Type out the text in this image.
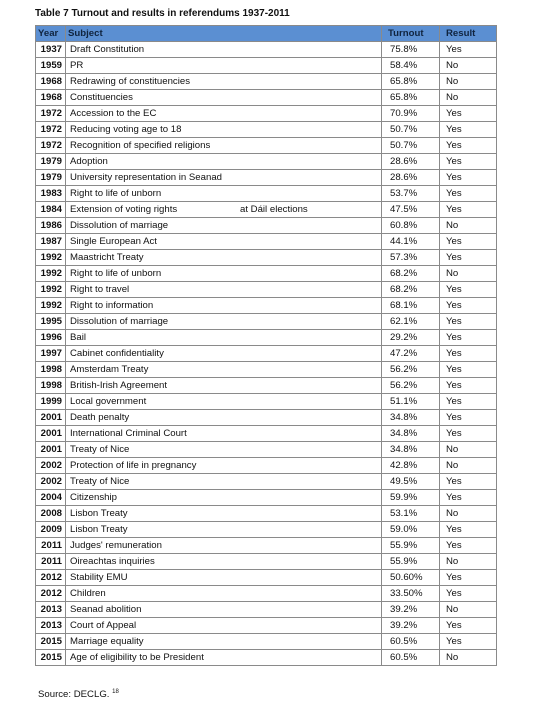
Table 7 Turnout and results in referendums 1937-2011
Year	Subject	Turnout	Result
1937	Draft Constitution	75.8%	Yes
1959	PR	58.4%	No
1968	Redrawing of constituencies	65.8%	No
1968	Constituencies	65.8%	No
1972	Accession to the EC	70.9%	Yes
1972	Reducing voting age to 18	50.7%	Yes
1972	Recognition of specified religions	50.7%	Yes
1979	Adoption	28.6%	Yes
1979	University representation in Seanad	28.6%	Yes
1983	Right to life of unborn	53.7%	Yes
1984	Extension of voting rights at Dáil elections	47.5%	Yes
1986	Dissolution of marriage	60.8%	No
1987	Single European Act	44.1%	Yes
1992	Maastricht Treaty	57.3%	Yes
1992	Right to life of unborn	68.2%	No
1992	Right to travel	68.2%	Yes
1992	Right to information	68.1%	Yes
1995	Dissolution of marriage	62.1%	Yes
1996	Bail	29.2%	Yes
1997	Cabinet confidentiality	47.2%	Yes
1998	Amsterdam Treaty	56.2%	Yes
1998	British-Irish Agreement	56.2%	Yes
1999	Local government	51.1%	Yes
2001	Death penalty	34.8%	Yes
2001	International Criminal Court	34.8%	Yes
2001	Treaty of Nice	34.8%	No
2002	Protection of life in pregnancy	42.8%	No
2002	Treaty of Nice	49.5%	Yes
2004	Citizenship	59.9%	Yes
2008	Lisbon Treaty	53.1%	No
2009	Lisbon Treaty	59.0%	Yes
2011	Judges' remuneration	55.9%	Yes
2011	Oireachtas inquiries	55.9%	No
2012	Stability EMU	50.60%	Yes
2012	Children	33.50%	Yes
2013	Seanad abolition	39.2%	No
2013	Court of Appeal	39.2%	Yes
2015	Marriage equality	60.5%	Yes
2015	Age of eligibility to be President	60.5%	No
Source: DECLG. $^{18}$
